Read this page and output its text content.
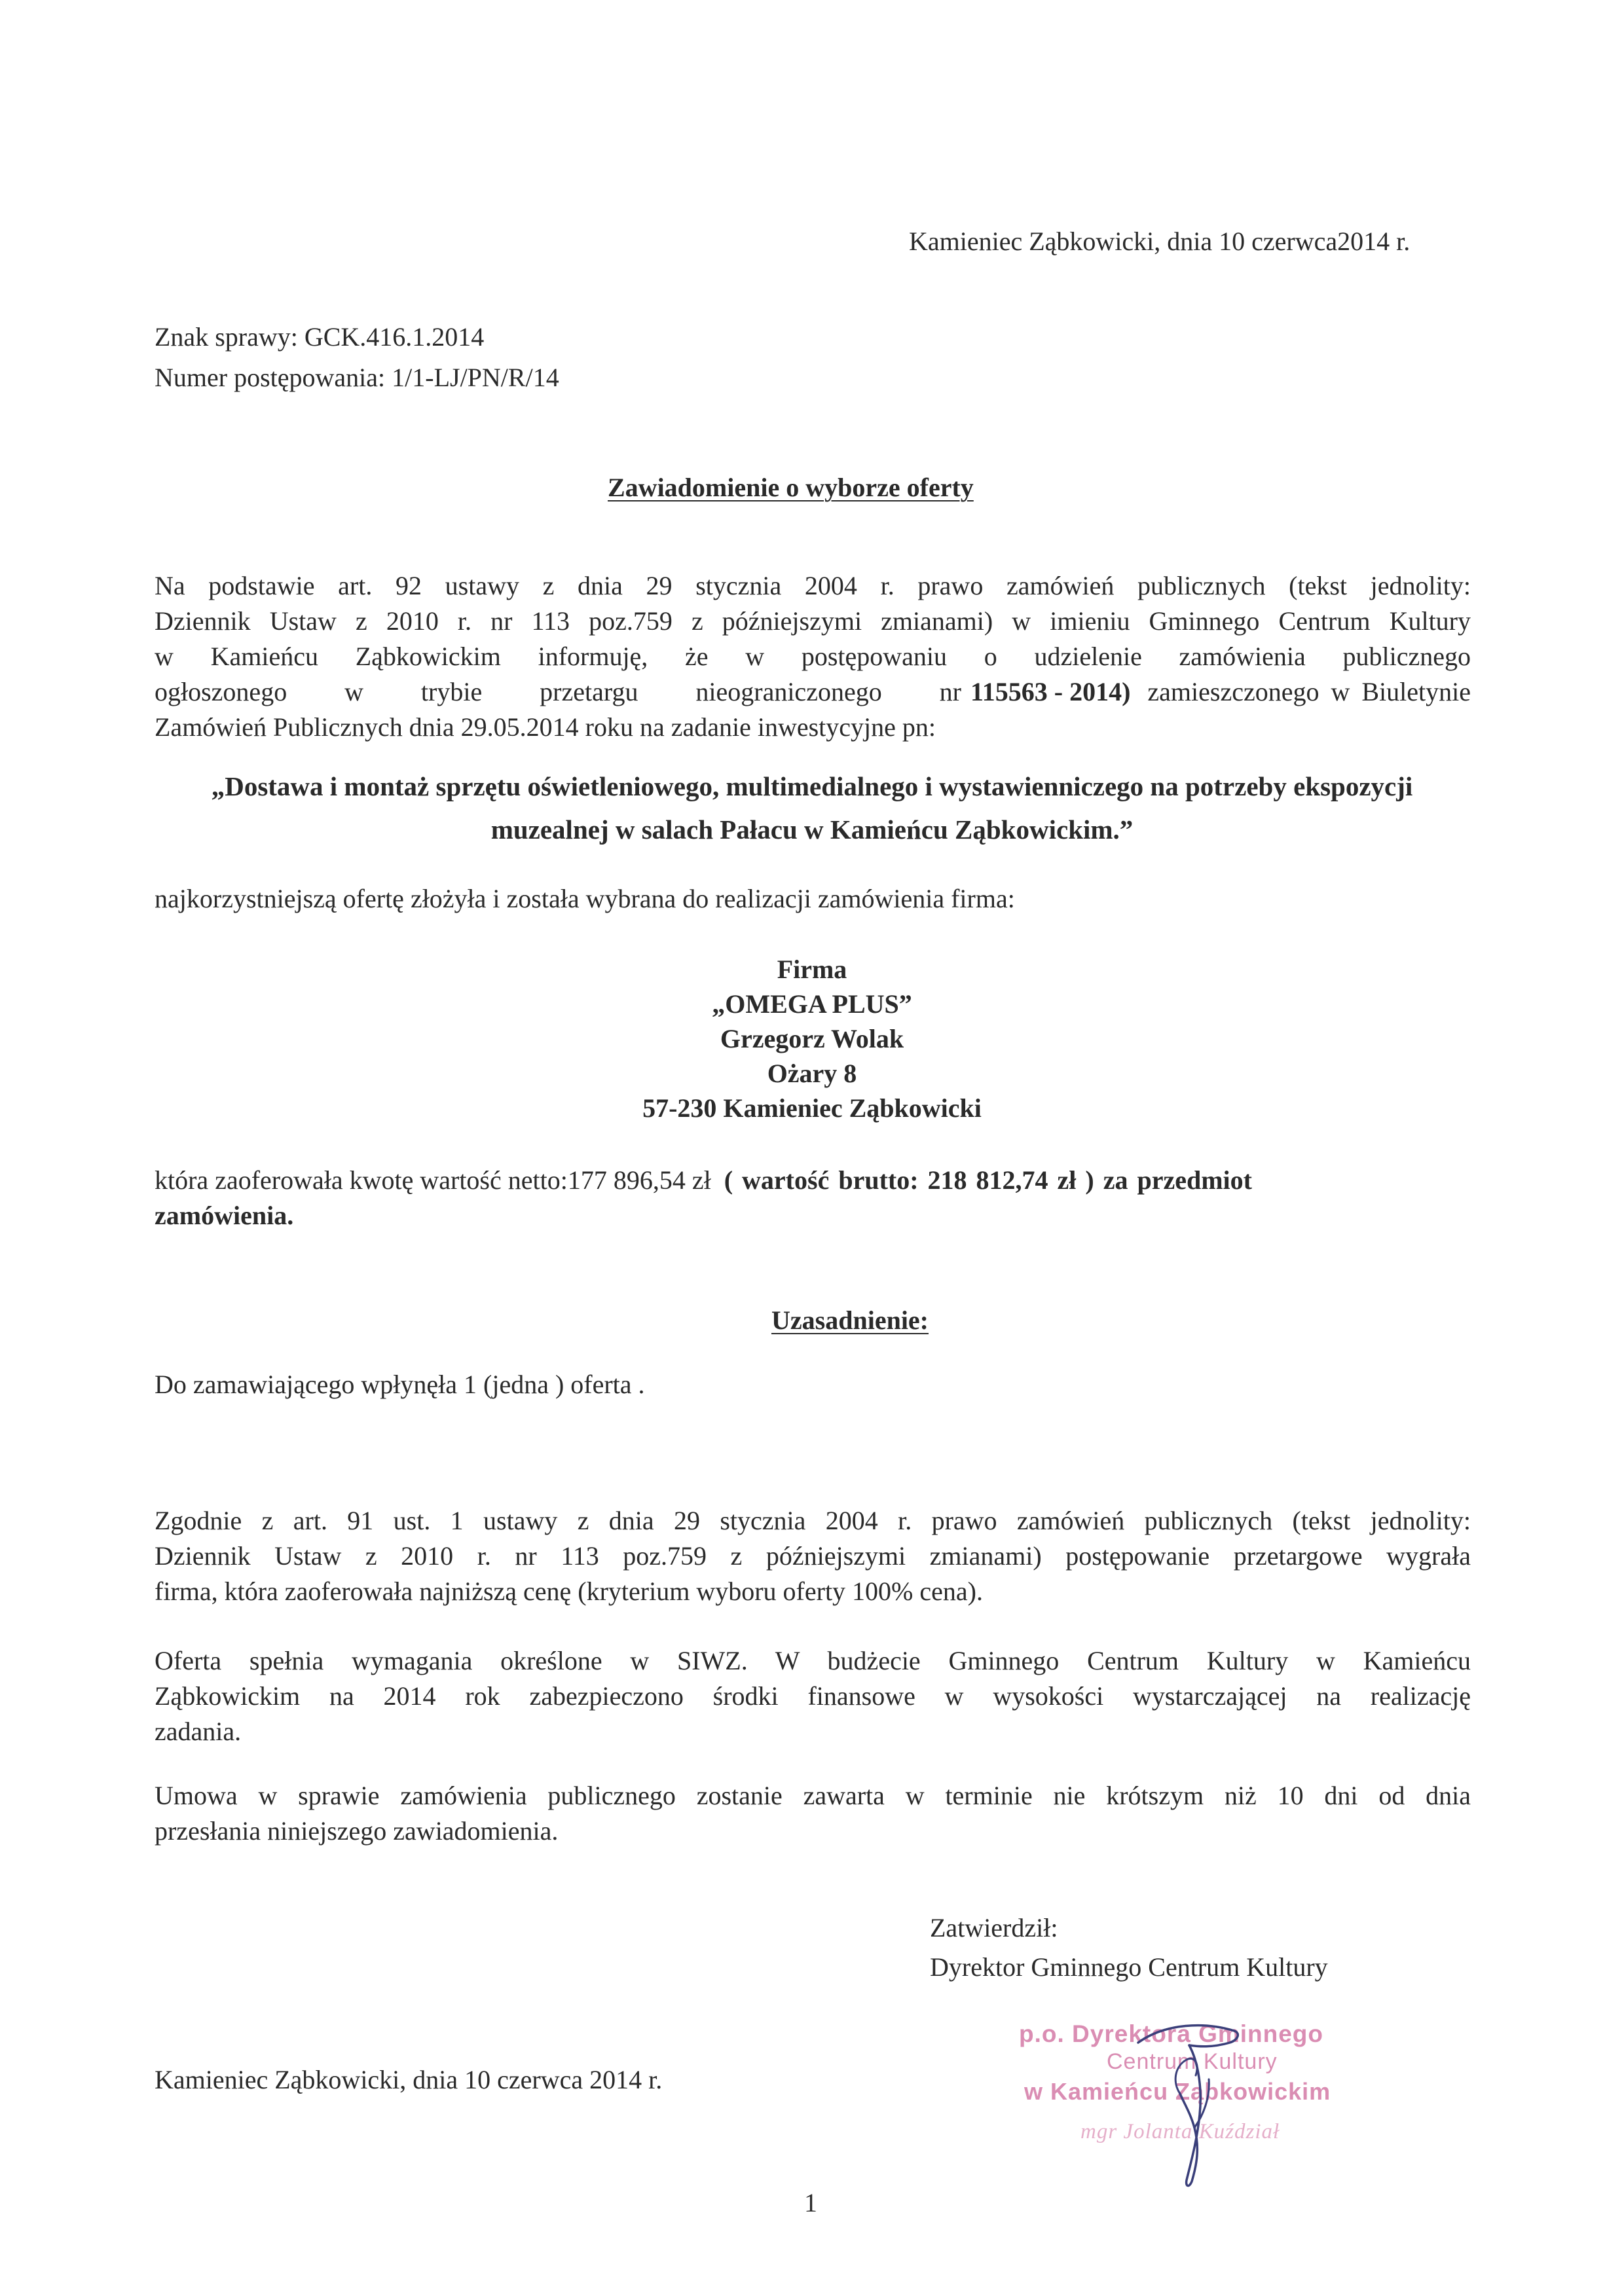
Kamieniec Ząbkowicki, dnia 10 czerwca2014 r.
Znak sprawy: GCK.416.1.2014
Numer postępowania: 1/1-LJ/PN/R/14
Zawiadomienie o wyborze oferty
Na podstawie art. 92 ustawy z dnia 29 stycznia 2004 r. prawo zamówień publicznych (tekst jednolity:
Dziennik Ustaw z 2010 r. nr 113 poz.759 z późniejszymi zmianami) w imieniu Gminnego Centrum Kultury
w Kamieńcu Ząbkowickim informuję, że w postępowaniu o udzielenie zamówienia publicznego
ogłoszonego w trybie przetargu nieograniczonego nr 115563 - 2014) zamieszczonego w Biuletynie
Zamówień Publicznych dnia 29.05.2014 roku na zadanie inwestycyjne pn:
„Dostawa i montaż sprzętu oświetleniowego, multimedialnego i wystawienniczego na potrzeby ekspozycji
muzealnej w salach Pałacu w Kamieńcu Ząbkowickim.”
najkorzystniejszą ofertę złożyła i została wybrana do realizacji zamówienia firma:
Firma
„OMEGA PLUS”
Grzegorz Wolak
Ożary 8
57-230 Kamieniec Ząbkowicki
która zaoferowała kwotę wartość netto:177 896,54 zł ( wartość brutto: 218 812,74 zł ) za przedmiot
zamówienia.
Uzasadnienie:
Do zamawiającego wpłynęła 1 (jedna ) oferta .
Zgodnie z art. 91 ust. 1 ustawy z dnia 29 stycznia 2004 r. prawo zamówień publicznych (tekst jednolity:
Dziennik Ustaw z 2010 r. nr 113 poz.759 z późniejszymi zmianami) postępowanie przetargowe wygrała
firma, która zaoferowała najniższą cenę (kryterium wyboru oferty 100% cena).
Oferta spełnia wymagania określone w SIWZ. W budżecie Gminnego Centrum Kultury w Kamieńcu
Ząbkowickim na 2014 rok zabezpieczono środki finansowe w wysokości wystarczającej na realizację
zadania.
Umowa w sprawie zamówienia publicznego zostanie zawarta w terminie nie krótszym niż 10 dni od dnia
przesłania niniejszego zawiadomienia.
Zatwierdził:
Dyrektor Gminnego Centrum Kultury
p.o. Dyrektora Gminnego
Centrum Kultury
w Kamieńcu Ząbkowickim
mgr Jolanta Kuździał
Kamieniec Ząbkowicki, dnia 10 czerwca 2014 r.
1
